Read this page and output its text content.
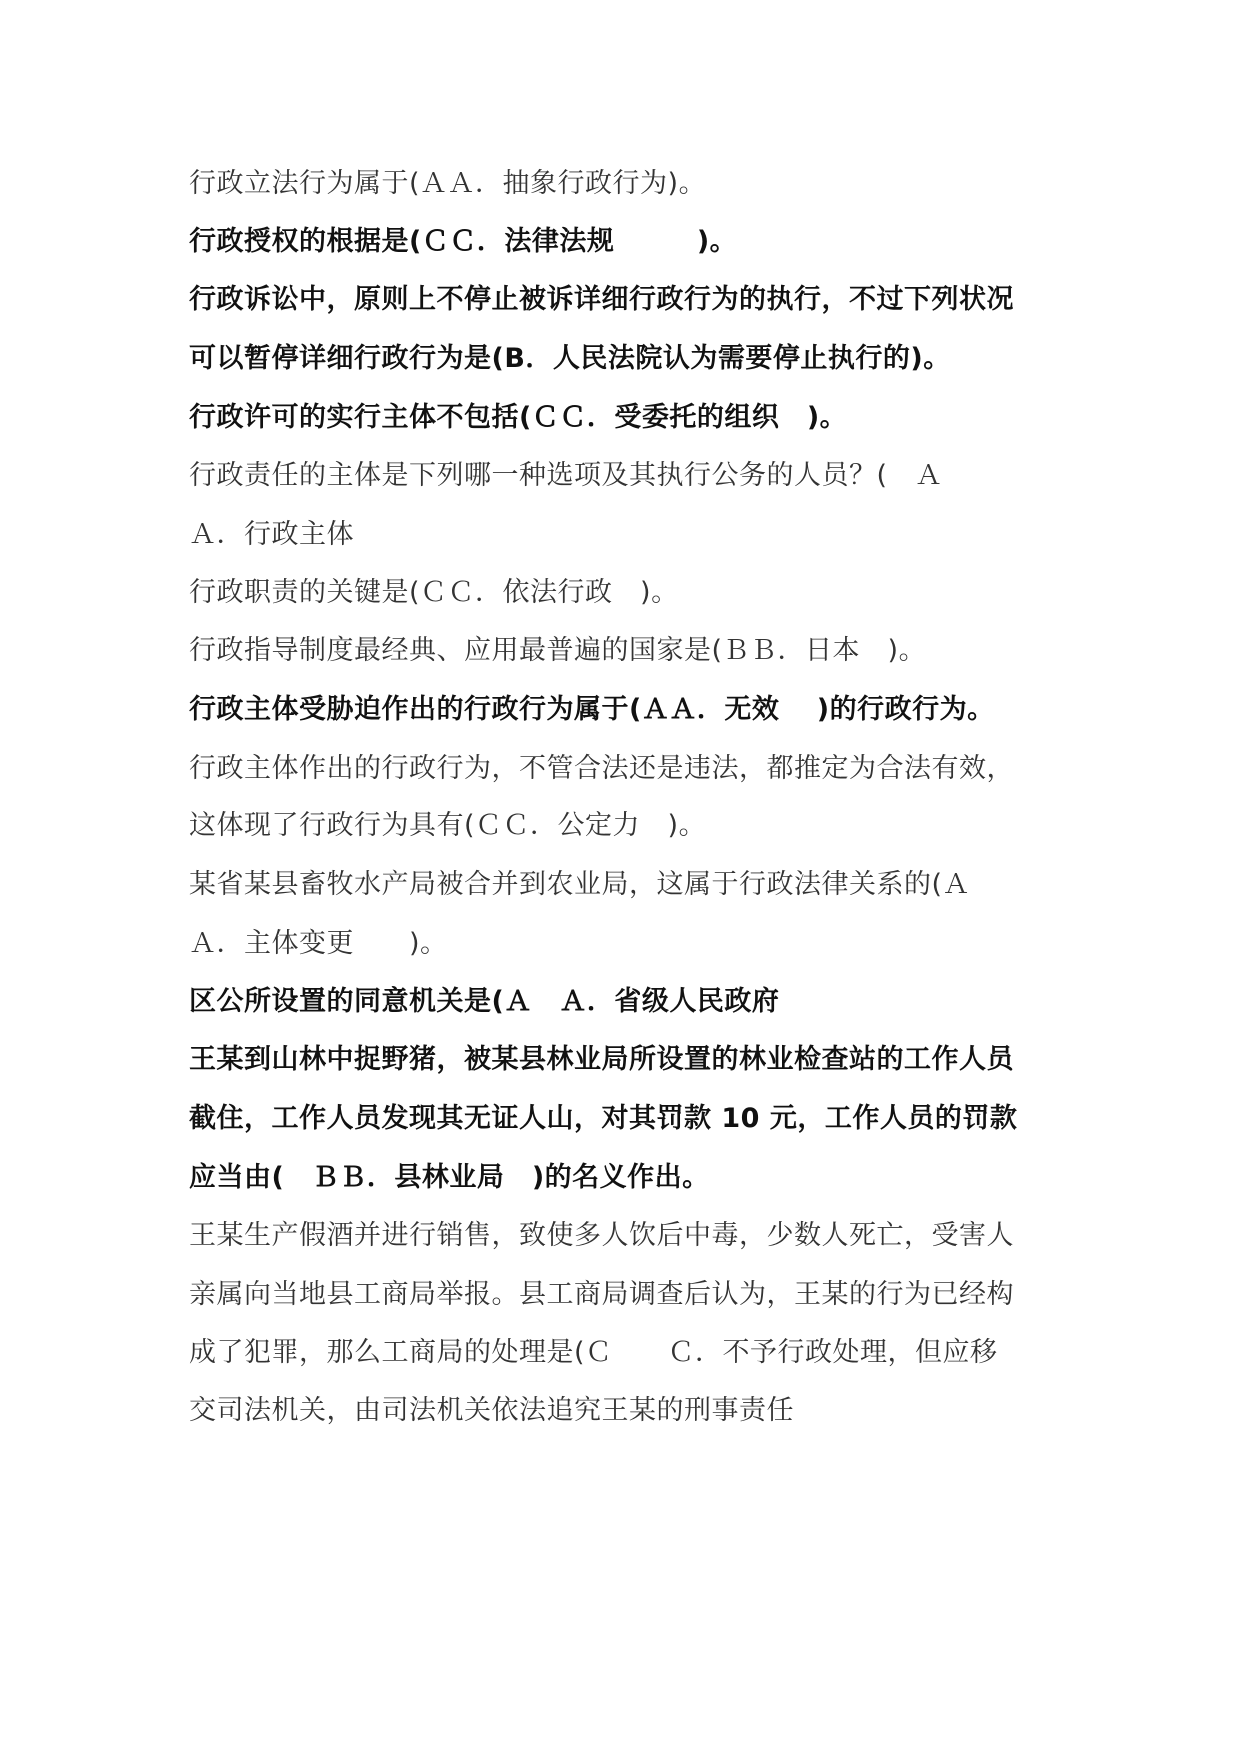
行政立法行为属于(ＡＡ．抽象行政行为)。
行政授权的根据是(ＣＣ．法律法规　　　)。
行政诉讼中，原则上不停止被诉详细行政行为的执行，不过下列状况
可以暂停详细行政行为是(B．人民法院认为需要停止执行的)。
行政许可的实行主体不包括(ＣＣ．受委托的组织　)。
行政责任的主体是下列哪一种选项及其执行公务的人员？(　Ａ
Ａ．行政主体
行政职责的关键是(ＣＣ．依法行政　)。
行政指导制度最经典、应用最普遍的国家是(ＢＢ．日本　)。
行政主体受胁迫作出的行政行为属于(ＡＡ．无效　 )的行政行为。
行政主体作出的行政行为，不管合法还是违法，都推定为合法有效，
这体现了行政行为具有(ＣＣ．公定力　)。
某省某县畜牧水产局被合并到农业局，这属于行政法律关系的(Ａ
Ａ．主体变更　　)。
区公所设置的同意机关是(Ａ　Ａ．省级人民政府
王某到山林中捉野猪，被某县林业局所设置的林业检查站的工作人员
截住，工作人员发现其无证人山，对其罚款 10 元，工作人员的罚款
应当由(　ＢＢ．县林业局　)的名义作出。
王某生产假酒并进行销售，致使多人饮后中毒，少数人死亡，受害人
亲属向当地县工商局举报。县工商局调查后认为，王某的行为已经构
成了犯罪，那么工商局的处理是(Ｃ　　Ｃ．不予行政处理，但应移
交司法机关，由司法机关依法追究王某的刑事责任
